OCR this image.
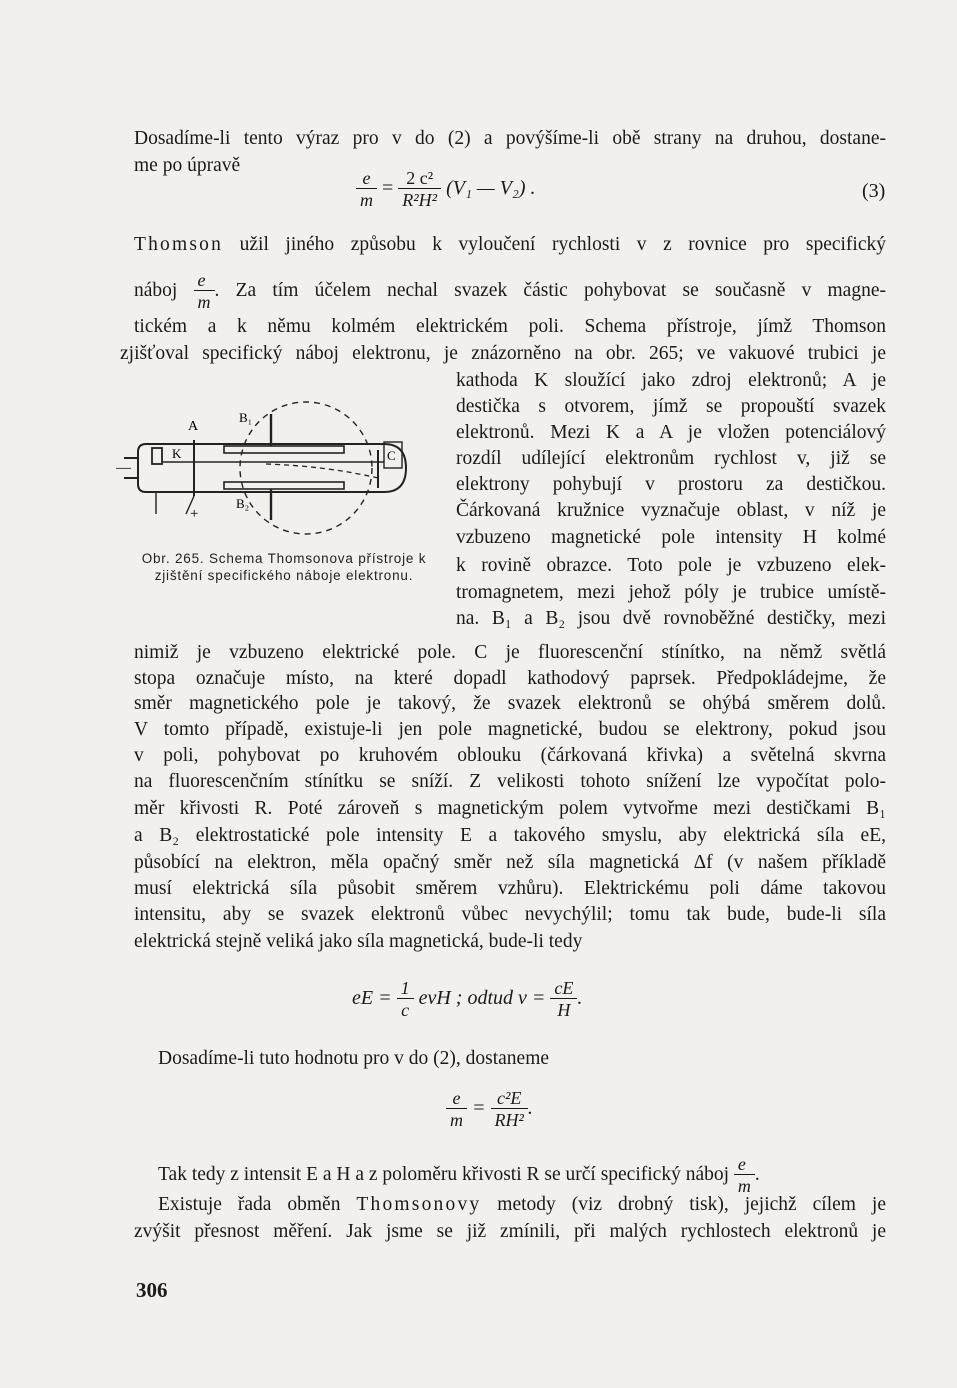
Dosadíme-li tento výraz pro v do (2) a povýšíme-li obě strany na druhou, dostane-
me po úpravě
$\frac{e}{m} = \frac{\text{2 c²}}{\text{R²H²}} (V_1$ — V₂) .	(3)
Thomson užil jiného způsobu k vyloučení rychlosti v z rovnice pro specifický
náboj $\frac{e}{m}$ . Za tím účelem nechal svazek částic pohybovat se současně v magne-
tickém a k němu kolmém elektrickém poli. Schema přístroje, jímž Thomson
zjišťoval specifický náboj elektronu, je znázorněno na obr. 265; ve vakuové trubici je
kathoda K sloužící jako zdroj elektronů; A je
destička s otvorem, jímž se propouští svazek
elektronů. Mezi K a A je vložen potenciálový
rozdíl udílející elektronům rychlost v, již se
elektrony pohybují v prostoru za destičkou.
Čárkovaná kružnice vyznačuje oblast, v níž je
vzbuzeno magnetické pole intensity H kolmé
k rovině obrazce. Toto pole je vzbuzeno elek-
tromagnetem, mezi jehož póly je trubice umístě-
na. B₁ a B₂ jsou dvě rovnoběžné destičky, mezi
A
B₁
B₂
K	C
+
—
Obr. 265. Schema Thomsonova přístroje k zjištění specifického náboje elektronu.
nimiž je vzbuzeno elektrické pole. C je fluorescenční stínítko, na němž světlá
stopa označuje místo, na které dopadl kathodový paprsek. Předpokládejme, že
směr magnetického pole je takový, že svazek elektronů se ohýbá směrem dolů.
V tomto případě, existuje-li jen pole magnetické, budou se elektrony, pokud jsou
v poli, pohybovat po kruhovém oblouku (čárkovaná křivka) a světelná skvrna
na fluorescenčním stínítku se sníží. Z velikosti tohoto snížení lze vypočítat polo-
měr křivosti R. Poté zároveň s magnetickým polem vytvořme mezi destičkami B₁
a B₂ elektrostatické pole intensity E a takového smyslu, aby elektrická síla eE,
působící na elektron, měla opačný směr než síla magnetická Δf (v našem příkladě
musí elektrická síla působit směrem vzhůru). Elektrickému poli dáme takovou
intensitu, aby se svazek elektronů vůbec nevychýlil; tomu tak bude, bude-li síla
elektrická stejně veliká jako síla magnetická, bude-li tedy
eE = $\frac{1}{c}$ evH ; odtud $v = \frac{cE}{H}$ .
Dosadíme-li tuto hodnotu pro v do (2), dostaneme
$\frac{e}{m} = \frac{\text{c²E}}{\text{RH²}}$ .
Tak tedy z intensit E a H a z poloměru křivosti R se určí specifický náboj $\frac{e}{m}$ .
Existuje řada obměn Thomsonovy metody (viz drobný tisk), jejichž cílem je
zvýšit přesnost měření. Jak jsme se již zmínili, při malých rychlostech elektronů je
306
